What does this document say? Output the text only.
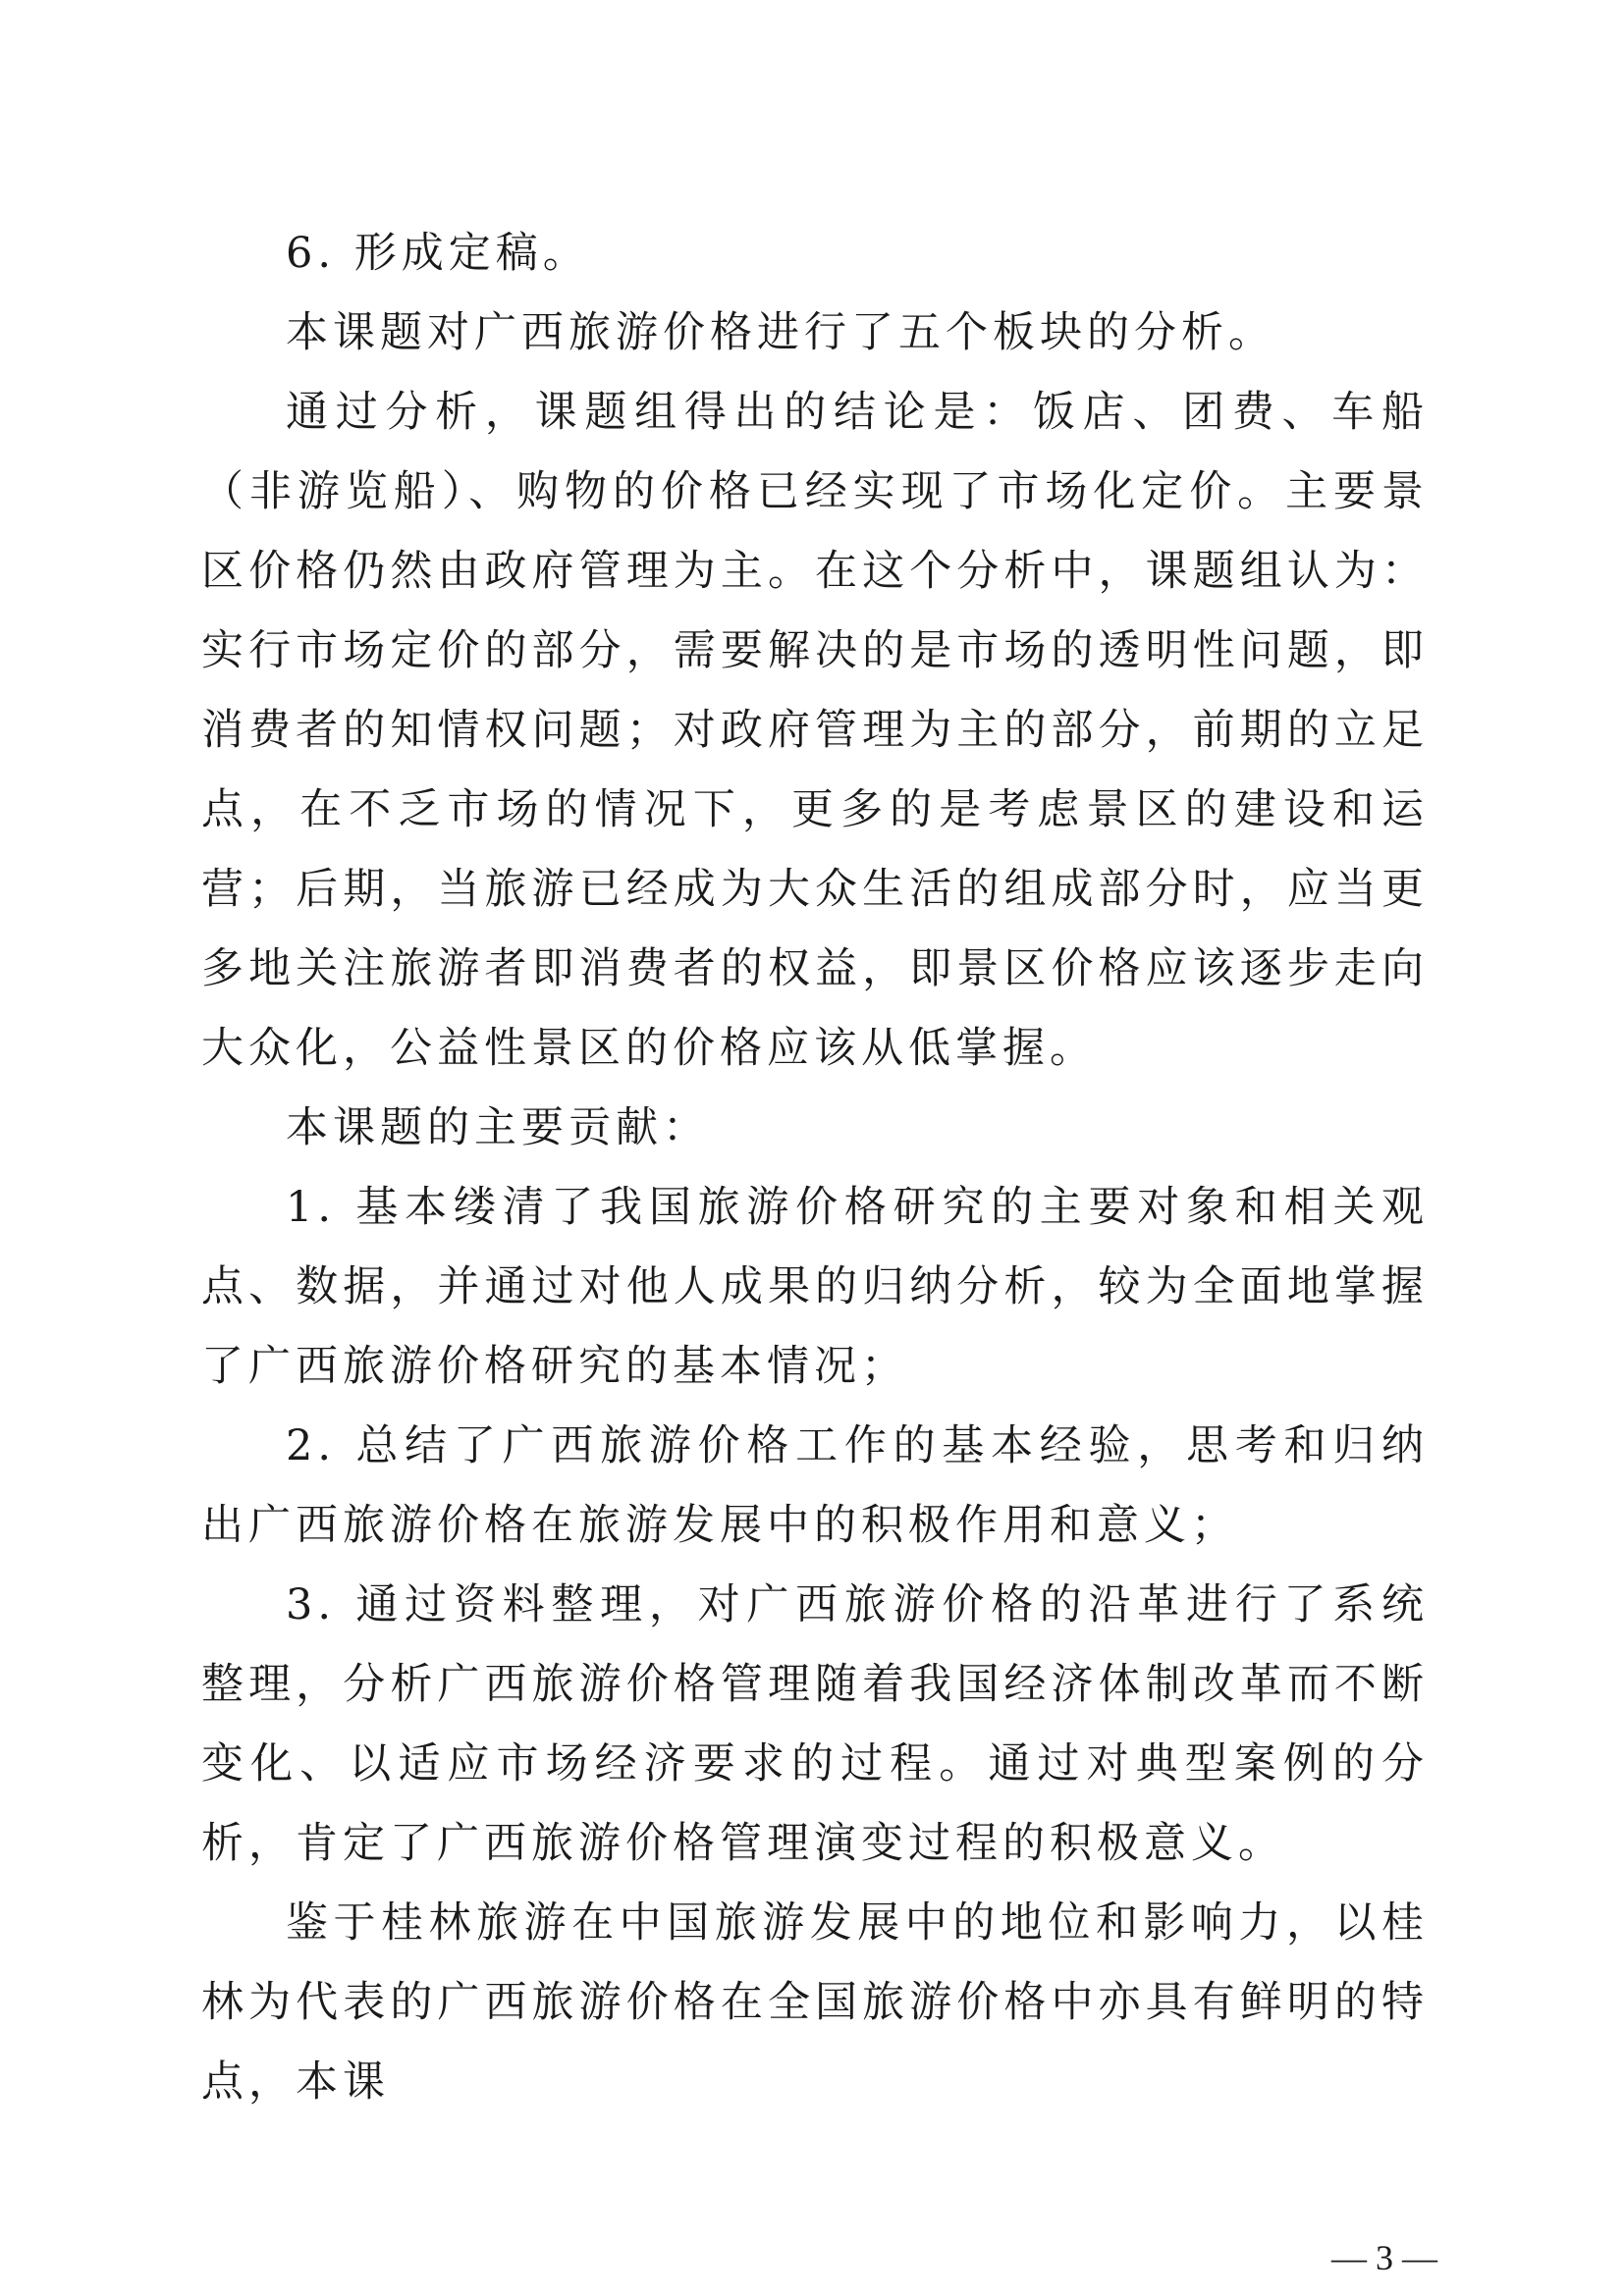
6. 形成定稿。

本课题对广西旅游价格进行了五个板块的分析。

通过分析，课题组得出的结论是：饭店、团费、车船（非游览船）、购物的价格已经实现了市场化定价。主要景区价格仍然由政府管理为主。在这个分析中，课题组认为：实行市场定价的部分，需要解决的是市场的透明性问题，即消费者的知情权问题；对政府管理为主的部分，前期的立足点，在不乏市场的情况下，更多的是考虑景区的建设和运营；后期，当旅游已经成为大众生活的组成部分时，应当更多地关注旅游者即消费者的权益，即景区价格应该逐步走向大众化，公益性景区的价格应该从低掌握。

本课题的主要贡献：

1. 基本缕清了我国旅游价格研究的主要对象和相关观点、数据，并通过对他人成果的归纳分析，较为全面地掌握了广西旅游价格研究的基本情况；

2. 总结了广西旅游价格工作的基本经验，思考和归纳出广西旅游价格在旅游发展中的积极作用和意义；

3. 通过资料整理，对广西旅游价格的沿革进行了系统整理，分析广西旅游价格管理随着我国经济体制改革而不断变化、以适应市场经济要求的过程。通过对典型案例的分析，肯定了广西旅游价格管理演变过程的积极意义。

鉴于桂林旅游在中国旅游发展中的地位和影响力，以桂林为代表的广西旅游价格在全国旅游价格中亦具有鲜明的特点，本课

— 3 —
